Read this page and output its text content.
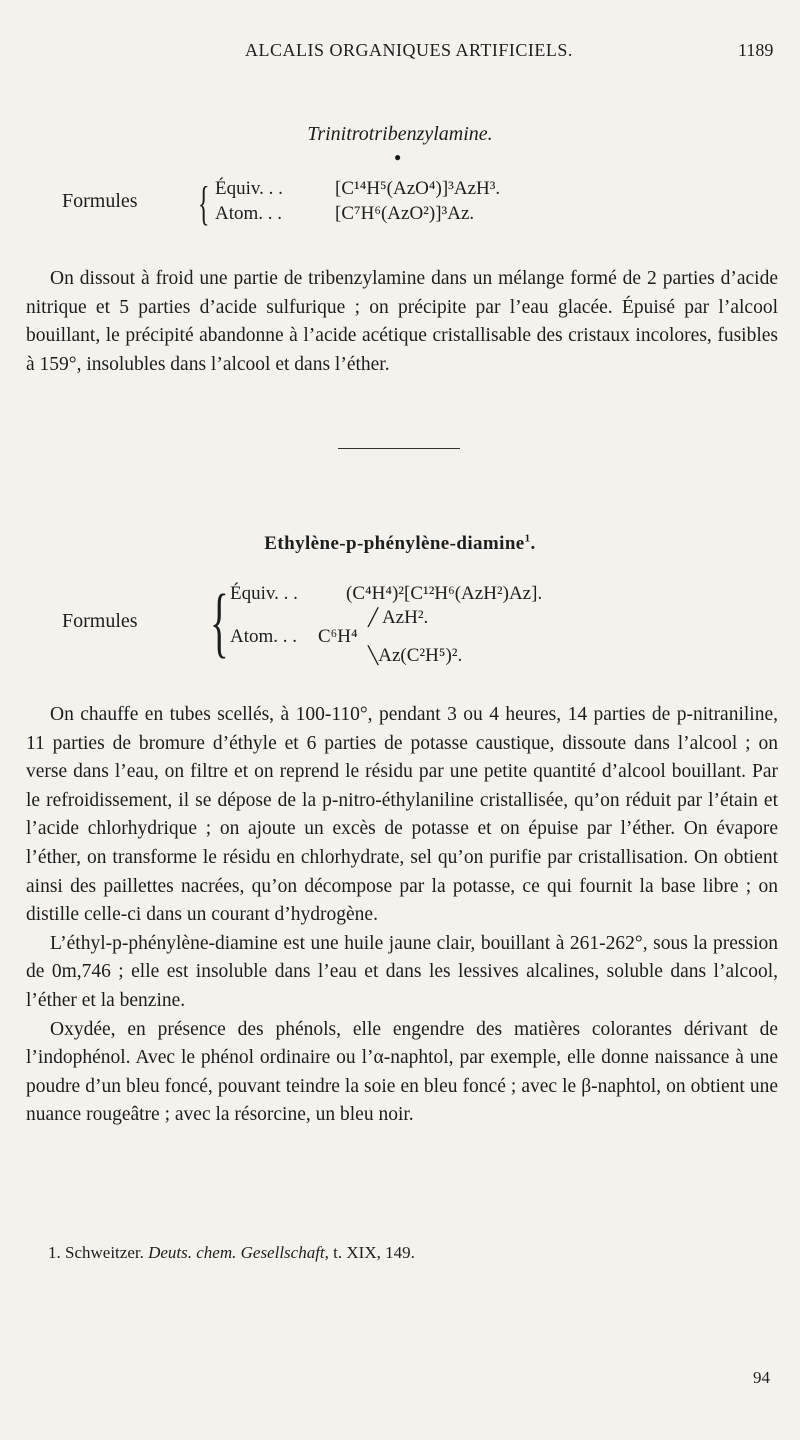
ALCALIS ORGANIQUES ARTIFICIELS.	1189
Trinitrotribenzylamine.
●
Formules { Équiv. . .	[C¹⁴H⁵(AzO⁴)]³AzH³.
Atom. . .	[C⁷H⁶(AzO²)]³Az.

On dissout à froid une partie de tribenzylamine dans un mélange formé de 2 parties d’acide nitrique et 5 parties d’acide sulfurique ; on précipite par l’eau glacée. Épuisé par l’alcool bouillant, le précipité abandonne à l’acide acétique cristallisable des cristaux incolores, fusibles à 159°, insolubles dans l’alcool et dans l’éther.

Ethylène-p-phénylène-diamine$^1$.
Formules { Équiv. . .	(C⁴H⁴)²[C¹²H⁶(AzH²)Az].
Atom. . . C⁶H⁴
╱ AzH².
╲Az(C²H⁵)².

On chauffe en tubes scellés, à 100-110°, pendant 3 ou 4 heures, 14 parties de p-nitraniline, 11 parties de bromure d’éthyle et 6 parties de potasse caustique, dissoute dans l’alcool ; on verse dans l’eau, on filtre et on reprend le résidu par une petite quantité d’alcool bouillant. Par le refroidissement, il se dépose de la p-nitro-éthylaniline cristallisée, qu’on réduit par l’étain et l’acide chlorhydrique ; on ajoute un excès de potasse et on épuise par l’éther. On évapore l’éther, on transforme le résidu en chlorhydrate, sel qu’on purifie par cristallisation. On obtient ainsi des paillettes nacrées, qu’on décompose par la potasse, ce qui fournit la base libre ; on distille celle-ci dans un courant d’hydrogène.

L’éthyl-p-phénylène-diamine est une huile jaune clair, bouillant à 261-262°, sous la pression de 0m,746 ; elle est insoluble dans l’eau et dans les lessives alcalines, soluble dans l’alcool, l’éther et la benzine.

Oxydée, en présence des phénols, elle engendre des matières colorantes dérivant de l’indophénol. Avec le phénol ordinaire ou l’α-naphtol, par exemple, elle donne naissance à une poudre d’un bleu foncé, pouvant teindre la soie en bleu foncé ; avec le β-naphtol, on obtient une nuance rougeâtre ; avec la résorcine, un bleu noir.

1. Schweitzer. Deuts. chem. Gesellschaft, t. XIX, 149.
94
